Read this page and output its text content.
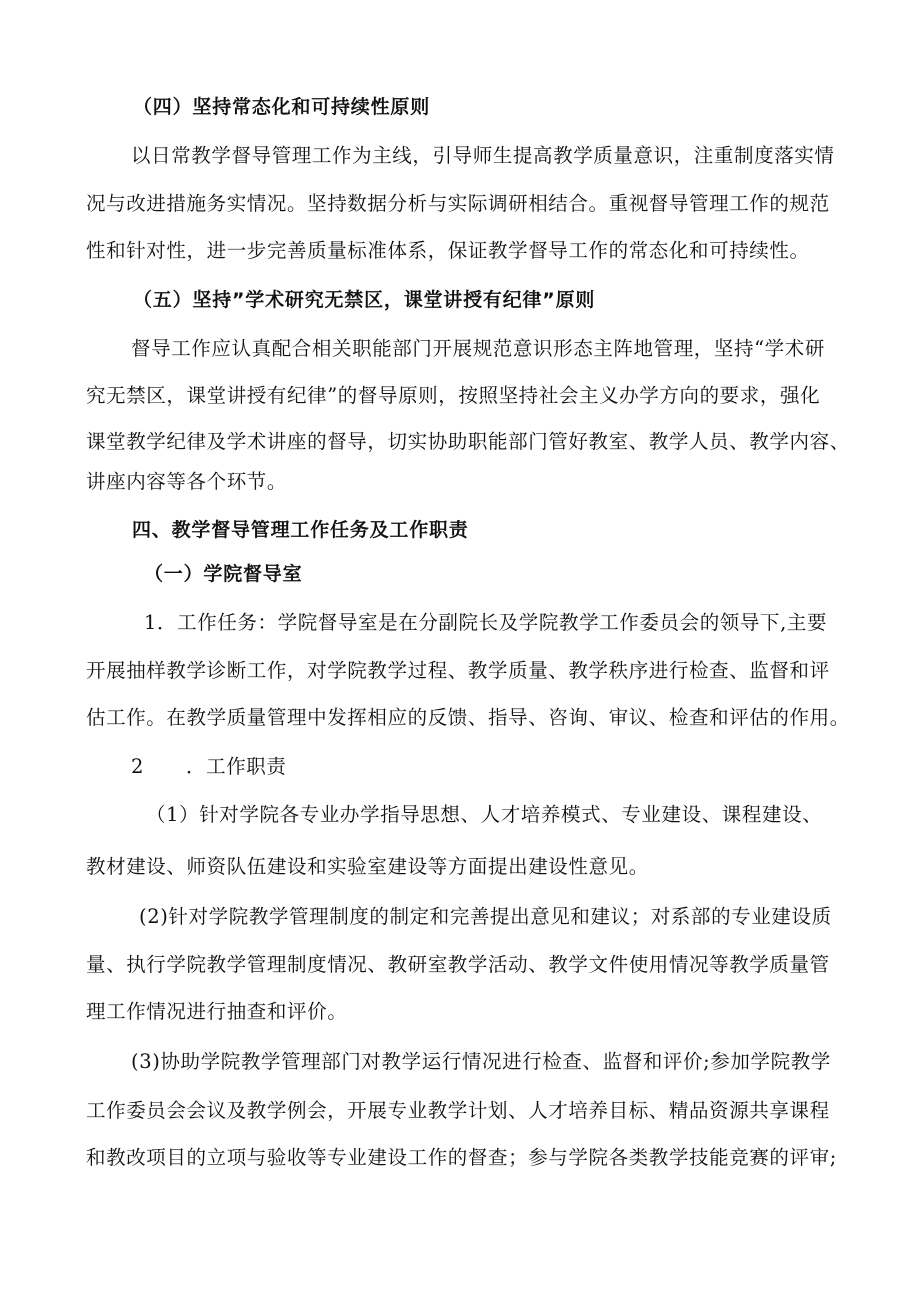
（四）坚持常态化和可持续性原则
以日常教学督导管理工作为主线，引导师生提高教学质量意识，注重制度落实情
况与改进措施务实情况。坚持数据分析与实际调研相结合。重视督导管理工作的规范
性和针对性，进一步完善质量标准体系，保证教学督导工作的常态化和可持续性。
（五）坚持”学术研究无禁区，课堂讲授有纪律”原则
督导工作应认真配合相关职能部门开展规范意识形态主阵地管理，坚持“学术研
究无禁区，课堂讲授有纪律”的督导原则，按照坚持社会主义办学方向的要求，强化
课堂教学纪律及学术讲座的督导，切实协助职能部门管好教室、教学人员、教学内容、
讲座内容等各个环节。
四、教学督导管理工作任务及工作职责
（一）学院督导室
1．工作任务：学院督导室是在分副院长及学院教学工作委员会的领导下,主要
开展抽样教学诊断工作，对学院教学过程、教学质量、教学秩序进行检查、监督和评
估工作。在教学质量管理中发挥相应的反馈、指导、咨询、审议、检查和评估的作用。
2 ．工作职责
（1）针对学院各专业办学指导思想、人才培养模式、专业建设、课程建设、
教材建设、师资队伍建设和实验室建设等方面提出建设性意见。
(2)针对学院教学管理制度的制定和完善提出意见和建议；对系部的专业建设质
量、执行学院教学管理制度情况、教研室教学活动、教学文件使用情况等教学质量管
理工作情况进行抽查和评价。
(3)协助学院教学管理部门对教学运行情况进行检查、监督和评价;参加学院教学
工作委员会会议及教学例会，开展专业教学计划、人才培养目标、精品资源共享课程
和教改项目的立项与验收等专业建设工作的督查；参与学院各类教学技能竞赛的评审;
